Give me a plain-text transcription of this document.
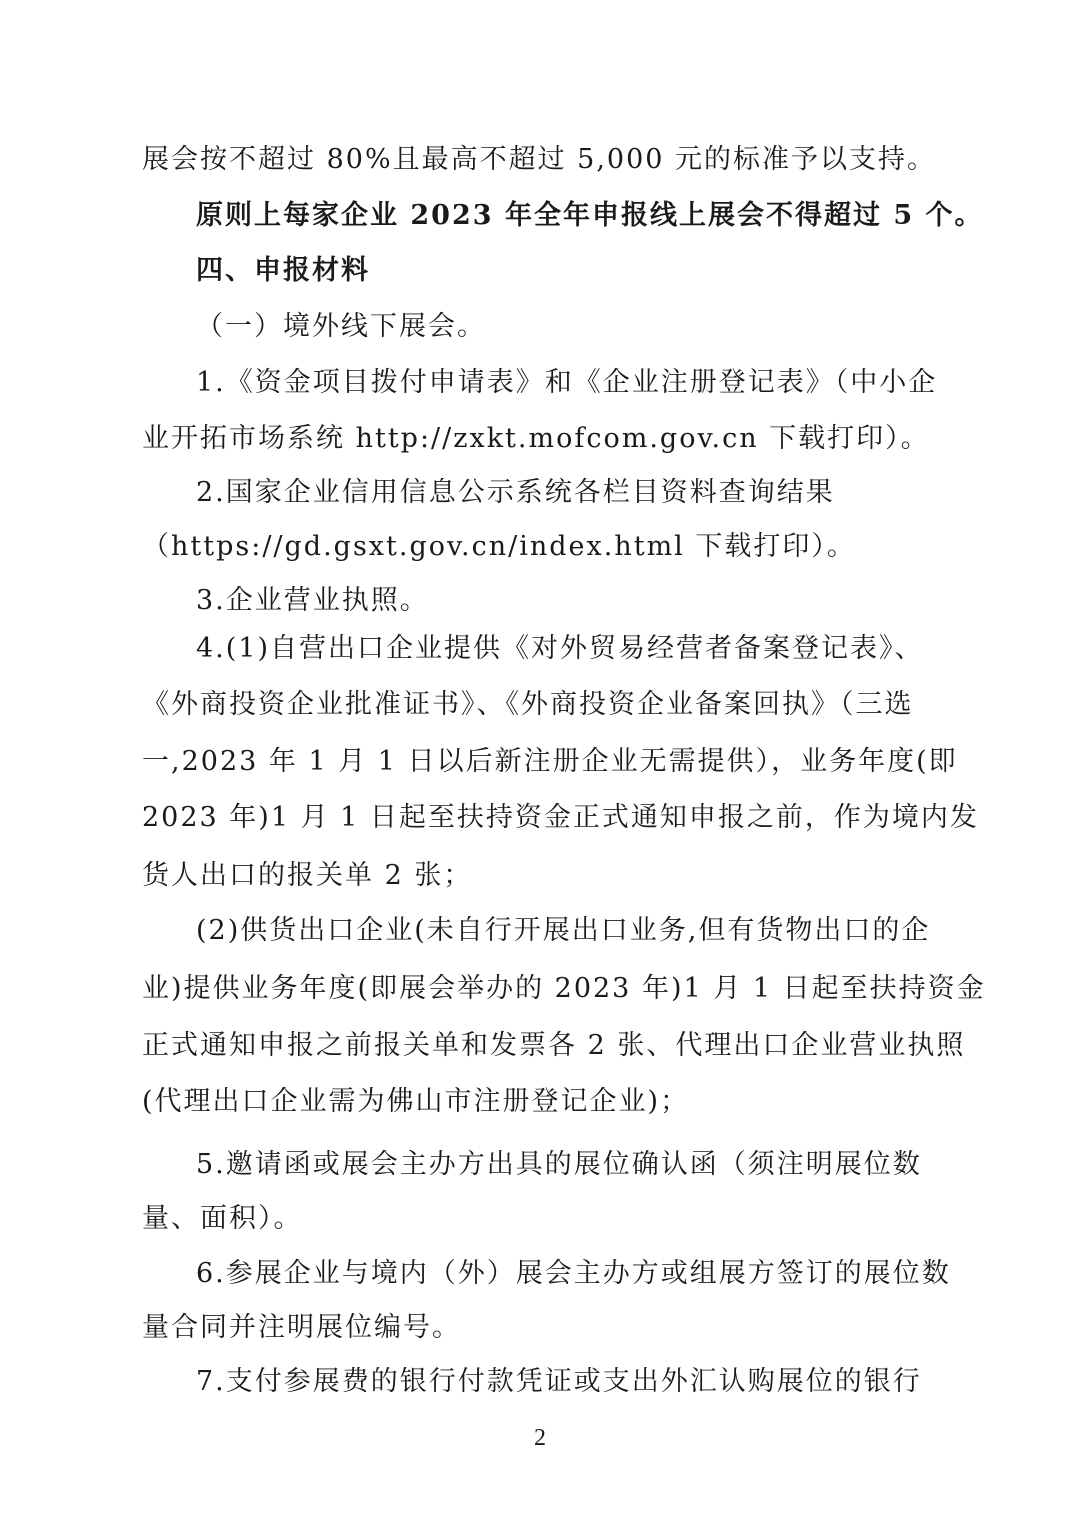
展会按不超过 80%且最高不超过 5,000 元的标准予以支持。
原则上每家企业 2023 年全年申报线上展会不得超过 5 个。
四、申报材料
（一）境外线下展会。
1.《资金项目拨付申请表》和《企业注册登记表》（中小企
业开拓市场系统 http://zxkt.mofcom.gov.cn 下载打印）。
2.国家企业信用信息公示系统各栏目资料查询结果
（https://gd.gsxt.gov.cn/index.html 下载打印）。
3.企业营业执照。
4.(1)自营出口企业提供《对外贸易经营者备案登记表》、
《外商投资企业批准证书》、《外商投资企业备案回执》（三选
一,2023 年 1 月 1 日以后新注册企业无需提供），业务年度(即
2023 年)1 月 1 日起至扶持资金正式通知申报之前，作为境内发
货人出口的报关单 2 张；
(2)供货出口企业(未自行开展出口业务,但有货物出口的企
业)提供业务年度(即展会举办的 2023 年)1 月 1 日起至扶持资金
正式通知申报之前报关单和发票各 2 张、代理出口企业营业执照
(代理出口企业需为佛山市注册登记企业)；
5.邀请函或展会主办方出具的展位确认函（须注明展位数
量、面积）。
6.参展企业与境内（外）展会主办方或组展方签订的展位数
量合同并注明展位编号。
7.支付参展费的银行付款凭证或支出外汇认购展位的银行
2
